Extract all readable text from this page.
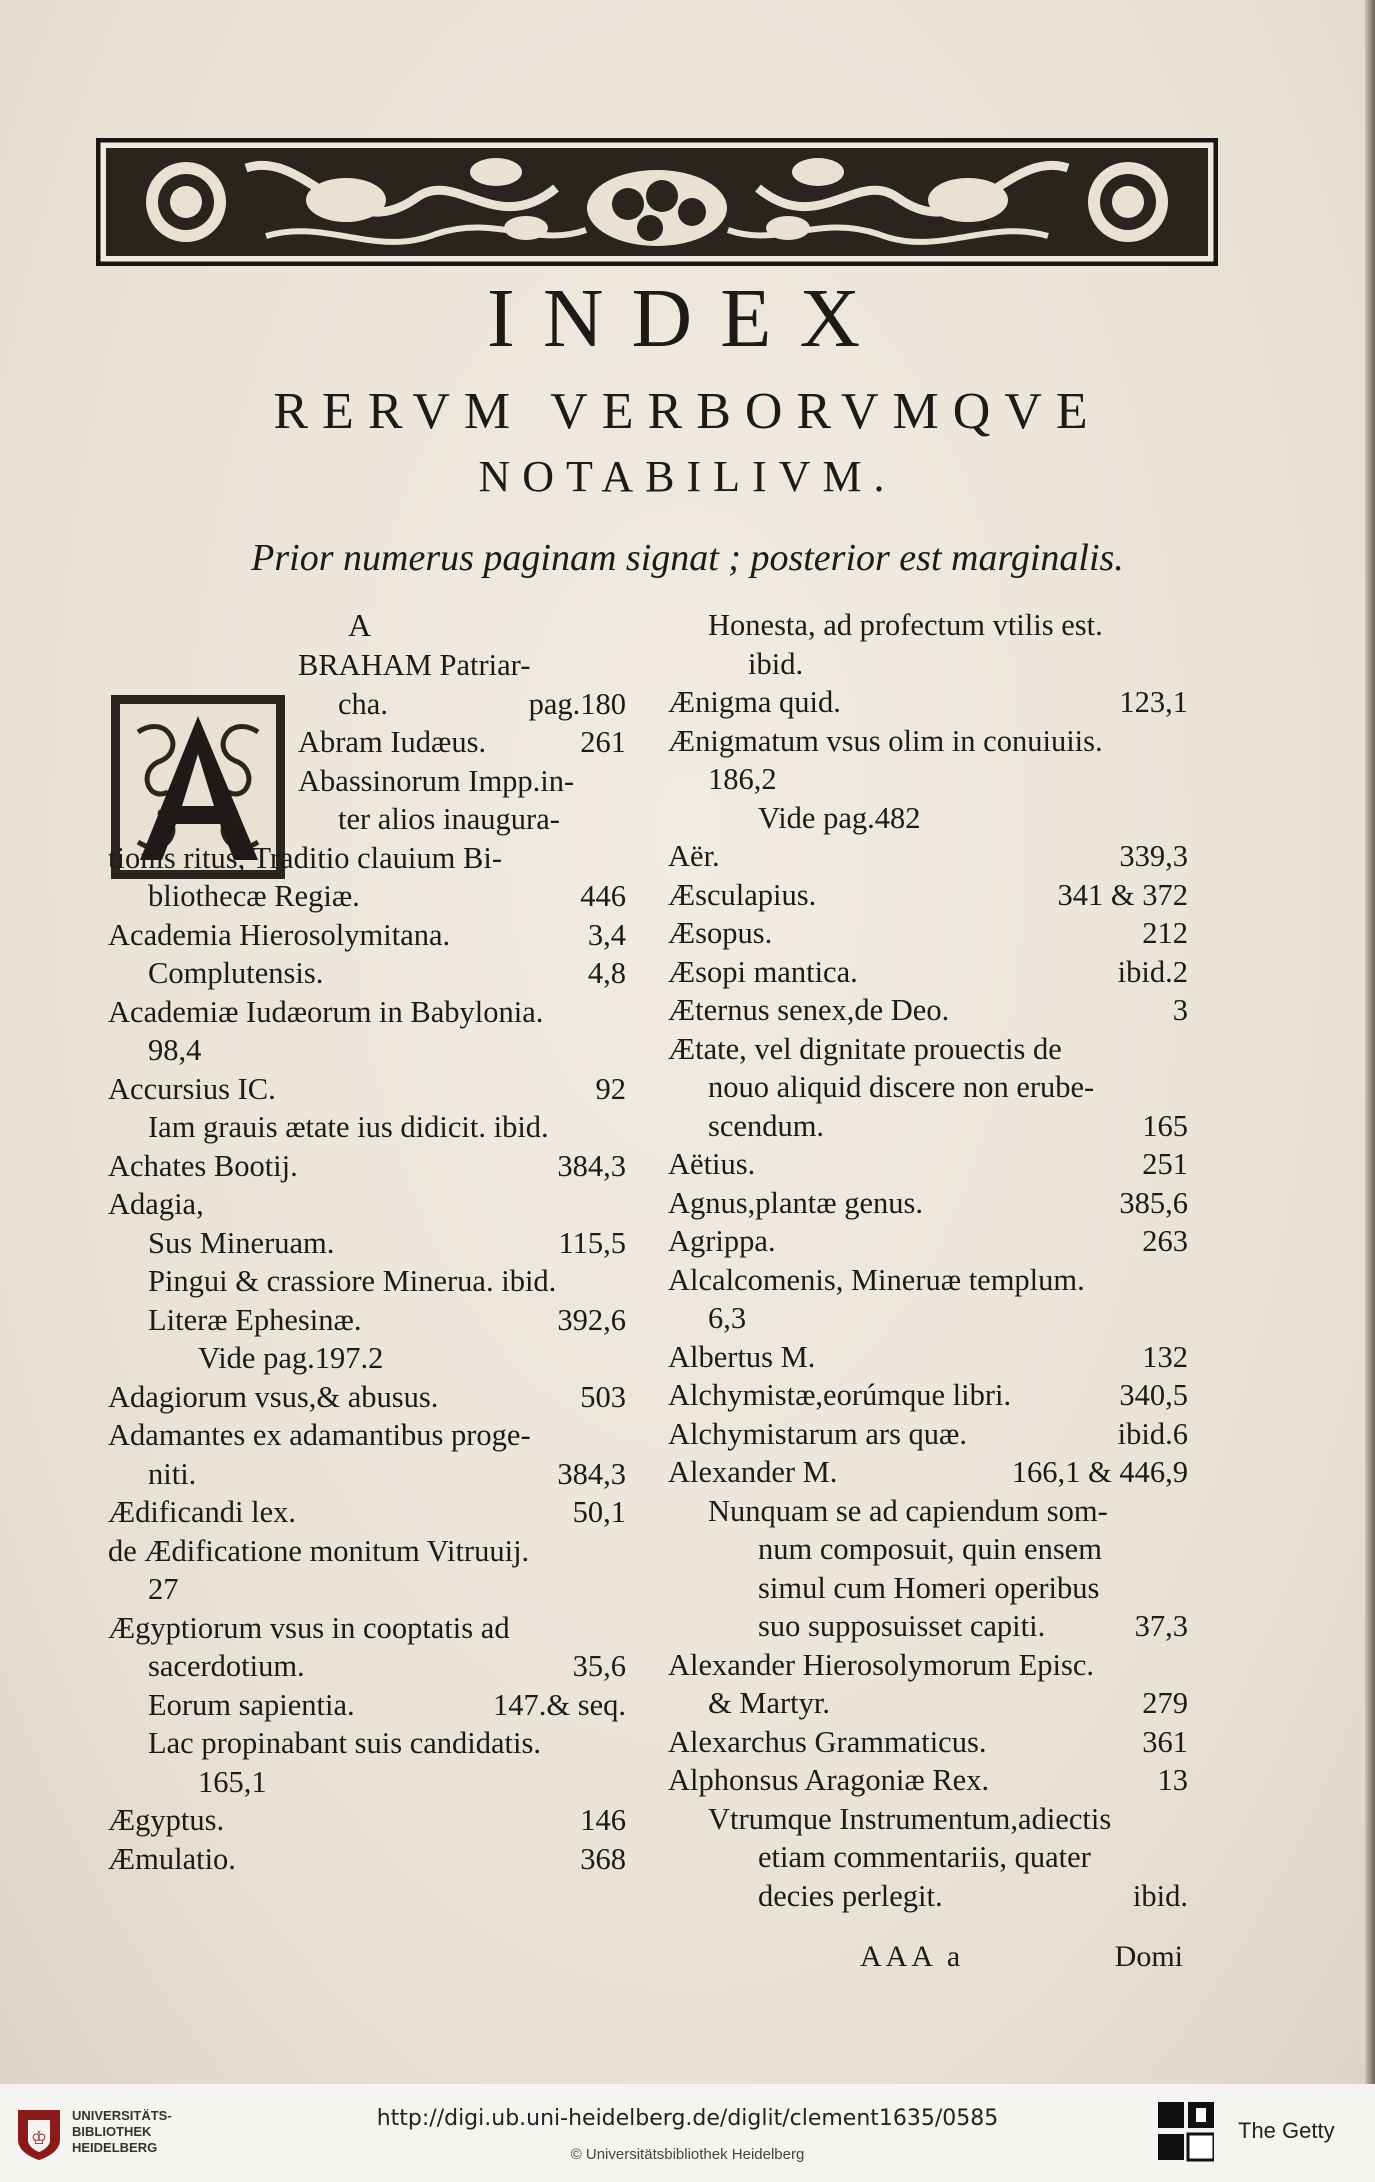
INDEX
RERVM VERBORVMQVE
NOTABILIVM.
Prior numerus paginam signat ; posterior est marginalis.
A
BRAHAM Patriar-
cha.	pag.180
Abram Iudæus.	261
Abassinorum Impp.in-
ter alios inaugura-
tionis ritus, Traditio clauium Bi-
bliothecæ Regiæ.	446
Academia Hierosolymitana.	3,4
Complutensis.	4,8
Academiæ Iudæorum in Babylonia.
98,4
Accursius IC.	92
Iam grauis ætate ius didicit. ibid.
Achates Bootij.	384,3
Adagia,
Sus Mineruam.	115,5
Pingui & crassiore Minerua. ibid.
Literæ Ephesinæ.	392,6
Vide pag.197.2
Adagiorum vsus,& abusus.	503
Adamantes ex adamantibus proge-
niti.	384,3
Ædificandi lex.	50,1
de Ædificatione monitum Vitruuij.
27
Ægyptiorum vsus in cooptatis ad
sacerdotium.	35,6
Eorum sapientia.	147.& seq.
Lac propinabant suis candidatis.
165,1
Ægyptus.	146
Æmulatio.	368
Honesta, ad profectum vtilis est.
ibid.
Ænigma quid.	123,1
Ænigmatum vsus olim in conuiuiis.
186,2
Vide pag.482
Aër.	339,3
Æsculapius.	341 & 372
Æsopus.	212
Æsopi mantica.	ibid.2
Æternus senex,de Deo.	3
Ætate, vel dignitate prouectis de
nouo aliquid discere non erube-
scendum.	165
Aëtius.	251
Agnus,plantæ genus.	385,6
Agrippa.	263
Alcalcomenis, Mineruæ templum.
6,3
Albertus M.	132
Alchymistæ,eorúmque libri.	340,5
Alchymistarum ars quæ.	ibid.6
Alexander M.	166,1 & 446,9
Nunquam se ad capiendum som-
num composuit, quin ensem
simul cum Homeri operibus
suo supposuisset capiti.	37,3
Alexander Hierosolymorum Episc.
& Martyr.	279
Alexarchus Grammaticus.	361
Alphonsus Aragoniæ Rex.	13
Vtrumque Instrumentum,adiectis
etiam commentariis, quater
decies perlegit.	ibid.
AAA a	Domi
♔
UNIVERSITÄTS-
BIBLIOTHEK
HEIDELBERG
http://digi.ub.uni-heidelberg.de/diglit/clement1635/0585
© Universitätsbibliothek Heidelberg
The Getty
